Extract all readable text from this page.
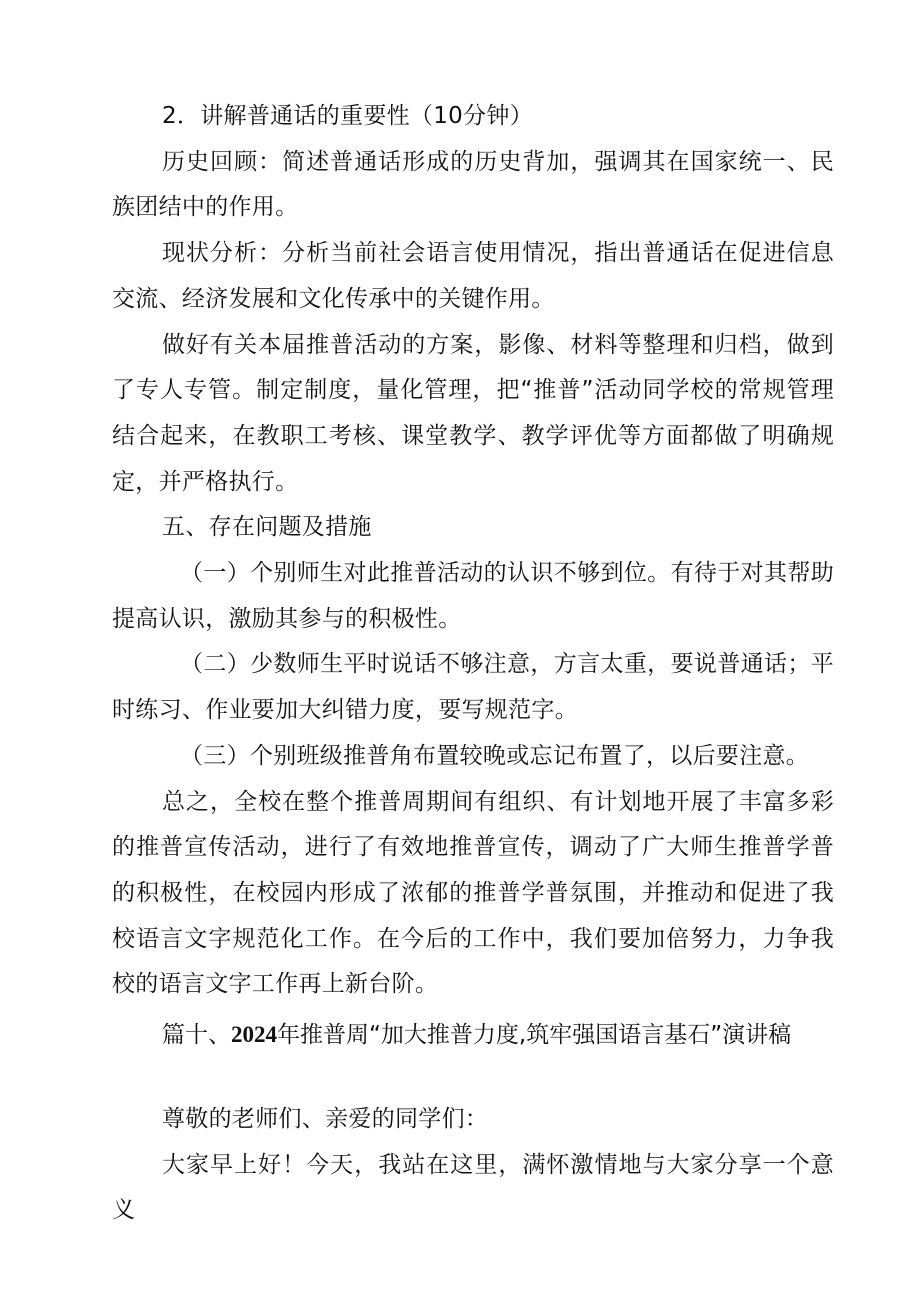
2．讲解普通话的重要性（10分钟）

历史回顾：简述普通话形成的历史背加，强调其在国家统一、民族团结中的作用。

现状分析：分析当前社会语言使用情况，指出普通话在促进信息交流、经济发展和文化传承中的关键作用。

做好有关本届推普活动的方案，影像、材料等整理和归档，做到了专人专管。制定制度，量化管理，把“推普”活动同学校的常规管理结合起来，在教职工考核、课堂教学、教学评优等方面都做了明确规定，并严格执行。

五、存在问题及措施

（一）个别师生对此推普活动的认识不够到位。有待于对其帮助提高认识，激励其参与的积极性。

（二）少数师生平时说话不够注意，方言太重，要说普通话；平时练习、作业要加大纠错力度，要写规范字。

（三）个别班级推普角布置较晚或忘记布置了，以后要注意。

总之，全校在整个推普周期间有组织、有计划地开展了丰富多彩的推普宣传活动，进行了有效地推普宣传，调动了广大师生推普学普的积极性，在校园内形成了浓郁的推普学普氛围，并推动和促进了我校语言文字规范化工作。在今后的工作中，我们要加倍努力，力争我校的语言文字工作再上新台阶。

篇十、2024年推普周“加大推普力度,筑牢强国语言基石”演讲稿

尊敬的老师们、亲爱的同学们：

大家早上好！今天，我站在这里，满怀激情地与大家分享一个意义
